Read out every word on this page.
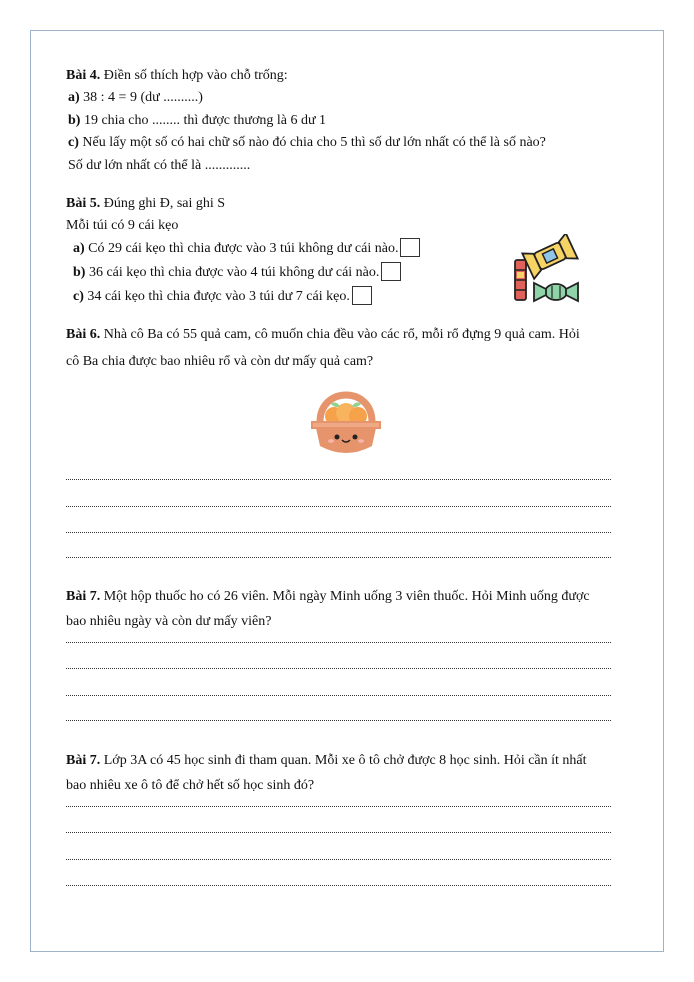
Bài 4. Điền số thích hợp vào chỗ trống:
a) 38 : 4 = 9 (dư ..........)
b) 19 chia cho ........ thì được thương là 6 dư 1
c) Nếu lấy một số có hai chữ số nào đó chia cho 5 thì số dư lớn nhất có thể là số nào?
Số dư lớn nhất có thể là .............
Bài 5. Đúng ghi Đ, sai ghi S
Mỗi túi có 9 cái kẹo
a) Có 29 cái kẹo thì chia được vào 3 túi không dư cái nào.
b) 36 cái kẹo thì chia được vào 4 túi không dư cái nào.
c) 34 cái kẹo thì chia được vào 3 túi dư 7 cái kẹo.
Bài 6. Nhà cô Ba có 55 quả cam, cô muốn chia đều vào các rổ, mỗi rổ đựng 9 quả cam. Hỏi
cô Ba chia được bao nhiêu rổ và còn dư mấy quả cam?
Bài 7. Một hộp thuốc ho có 26 viên. Mỗi ngày Minh uống 3 viên thuốc. Hỏi Minh uống được
bao nhiêu ngày và còn dư mấy viên?
Bài 7. Lớp 3A có 45 học sinh đi tham quan. Mỗi xe ô tô chở được 8 học sinh. Hỏi cần ít nhất
bao nhiêu xe ô tô để chở hết số học sinh đó?
